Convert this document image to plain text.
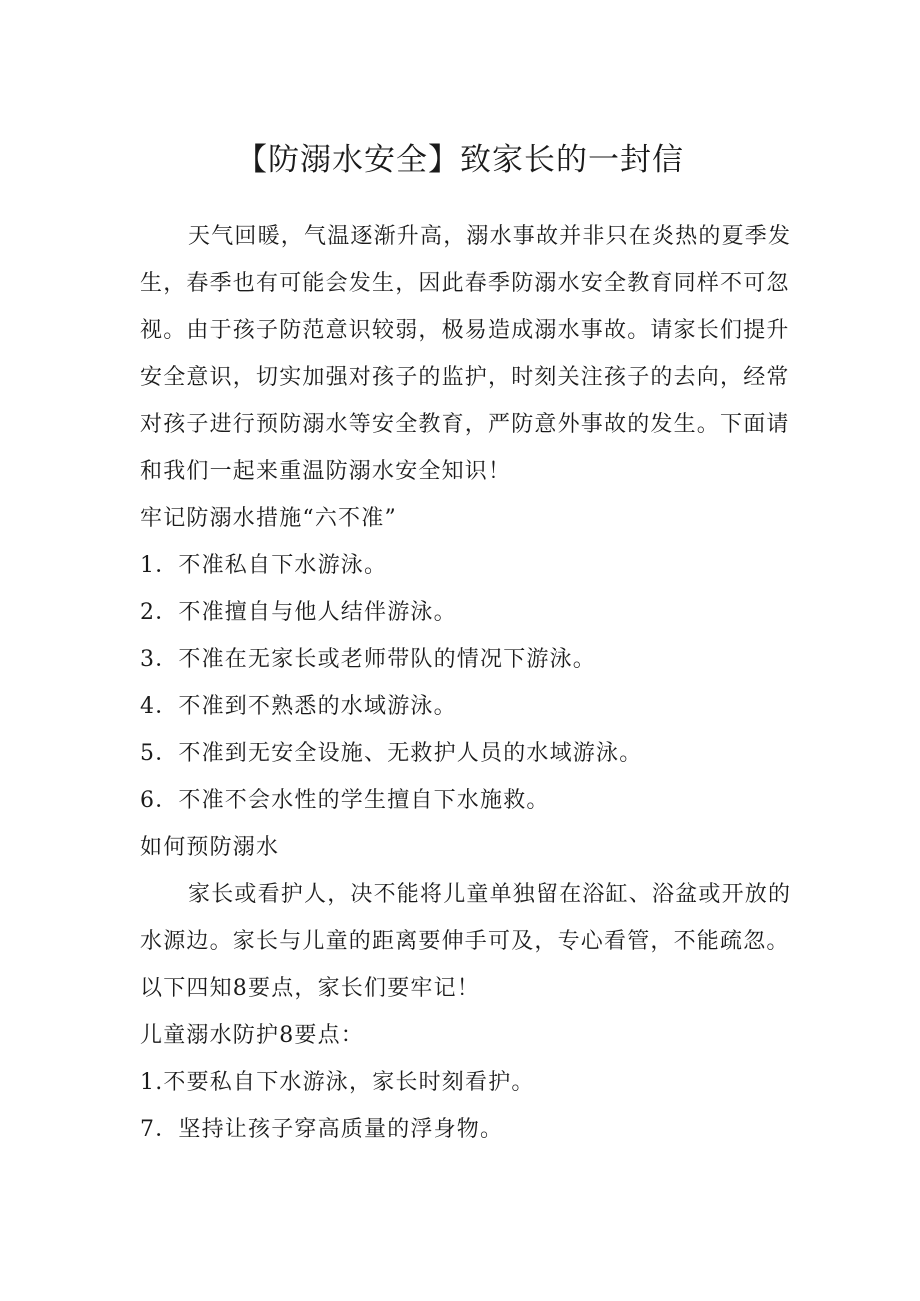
【防溺水安全】致家长的一封信

天气回暖，气温逐渐升高，溺水事故并非只在炎热的夏季发生，春季也有可能会发生，因此春季防溺水安全教育同样不可忽视。由于孩子防范意识较弱，极易造成溺水事故。请家长们提升安全意识，切实加强对孩子的监护，时刻关注孩子的去向，经常对孩子进行预防溺水等安全教育，严防意外事故的发生。下面请和我们一起来重温防溺水安全知识！

牢记防溺水措施“六不准”

1．不准私自下水游泳。

2．不准擅自与他人结伴游泳。

3．不准在无家长或老师带队的情况下游泳。

4．不准到不熟悉的水域游泳。

5．不准到无安全设施、无救护人员的水域游泳。

6．不准不会水性的学生擅自下水施救。

如何预防溺水

家长或看护人，决不能将儿童单独留在浴缸、浴盆或开放的水源边。家长与儿童的距离要伸手可及，专心看管，不能疏忽。以下四知8要点，家长们要牢记！

儿童溺水防护8要点：

1.不要私自下水游泳，家长时刻看护。

7．坚持让孩子穿高质量的浮身物。
